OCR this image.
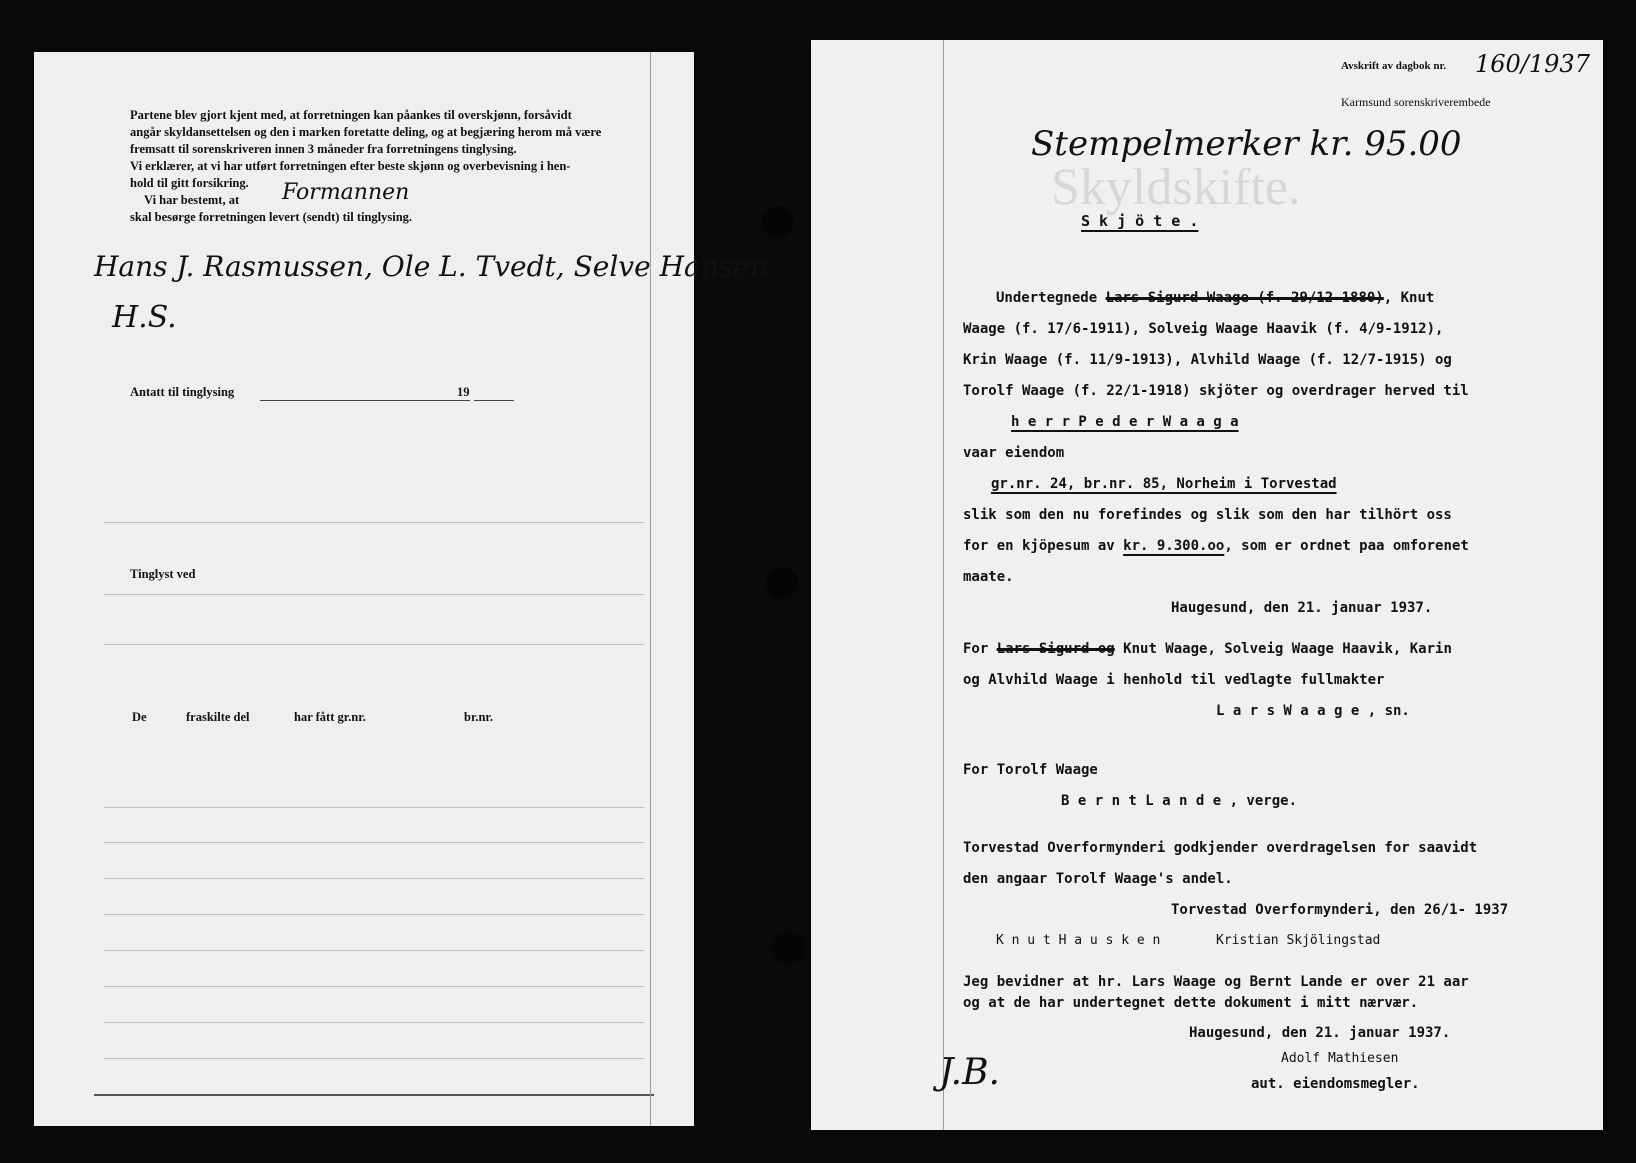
Partene blev gjort kjent med, at forretningen kan påankes til overskjønn, forsåvidt
angår skyldansettelsen og den i marken foretatte deling, og at begjæring herom må være
fremsatt til sorenskriveren innen 3 måneder fra forretningens tinglysing.
Vi erklærer, at vi har utført forretningen efter beste skjønn og overbevisning i hen-
hold til gitt forsikring.
Vi har bestemt, at Formannen
skal besørge forretningen levert (sendt) til tinglysing.
Hans J. Rasmussen, Ole L. Tvedt, Selve Hansen
H.S.
Antatt til tinglysing	19
Tinglyst ved
De	fraskilte del	har fått gr.nr.	br.nr.
Skyldskifte.
Avskrift av dagbok nr. 160/1937
Karmsund sorenskriverembede
Stempelmerker kr. 95.00
S k j ö t e .
Undertegnede Lars Sigurd Waage (f. 29/12-1880), Knut
Waage (f. 17/6-1911), Solveig Waage Haavik (f. 4/9-1912),
Krin Waage (f. 11/9-1913), Alvhild Waage (f. 12/7-1915) og
Torolf Waage (f. 22/1-1918) skjöter og overdrager herved til
h e r r P e d e r W a a g a
vaar eiendom
gr.nr. 24, br.nr. 85, Norheim i Torvestad
slik som den nu forefindes og slik som den har tilhört oss
for en kjöpesum av kr. 9.300.oo, som er ordnet paa omforenet
maate.
Haugesund, den 21. januar 1937.
For Lars Sigurd og Knut Waage, Solveig Waage Haavik, Karin
og Alvhild Waage i henhold til vedlagte fullmakter
L a r s W a a g e , sn.
For Torolf Waage
B e r n t L a n d e , verge.
Torvestad Overformynderi godkjender overdragelsen for saavidt
den angaar Torolf Waage's andel.
Torvestad Overformynderi, den 26/1- 1937
K n u t H a u s k e n	Kristian Skjölingstad
Jeg bevidner at hr. Lars Waage og Bernt Lande er over 21 aar
og at de har undertegnet dette dokument i mitt nærvær.
Haugesund, den 21. januar 1937.
Adolf Mathiesen
aut. eiendomsmegler.
J.B.
